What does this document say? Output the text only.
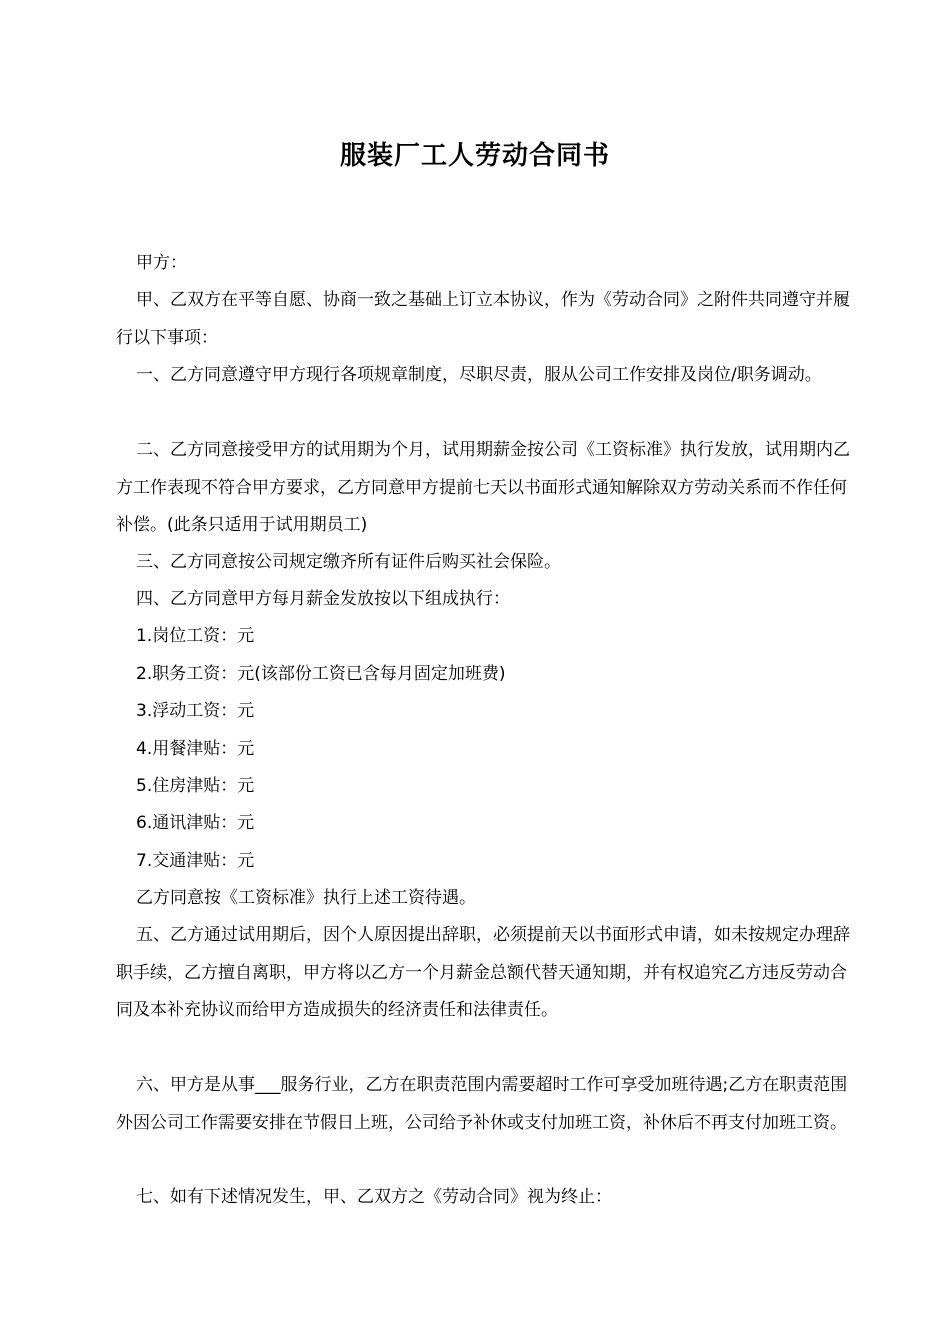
服装厂工人劳动合同书
甲方：
甲、乙双方在平等自愿、协商一致之基础上订立本协议，作为《劳动合同》之附件共同遵守并履行以下事项：
一、乙方同意遵守甲方现行各项规章制度，尽职尽责，服从公司工作安排及岗位/职务调动。
二、乙方同意接受甲方的试用期为个月，试用期薪金按公司《工资标准》执行发放，试用期内乙方工作表现不符合甲方要求，乙方同意甲方提前七天以书面形式通知解除双方劳动关系而不作任何补偿。(此条只适用于试用期员工)
三、乙方同意按公司规定缴齐所有证件后购买社会保险。
四、乙方同意甲方每月薪金发放按以下组成执行：
1.岗位工资：元
2.职务工资：元(该部份工资已含每月固定加班费)
3.浮动工资：元
4.用餐津贴：元
5.住房津贴：元
6.通讯津贴：元
7.交通津贴：元
乙方同意按《工资标准》执行上述工资待遇。
五、乙方通过试用期后，因个人原因提出辞职，必须提前天以书面形式申请，如未按规定办理辞职手续，乙方擅自离职，甲方将以乙方一个月薪金总额代替天通知期，并有权追究乙方违反劳动合同及本补充协议而给甲方造成损失的经济责任和法律责任。
六、甲方是从事___服务行业，乙方在职责范围内需要超时工作可享受加班待遇;乙方在职责范围外因公司工作需要安排在节假日上班，公司给予补休或支付加班工资，补休后不再支付加班工资。
七、如有下述情况发生，甲、乙双方之《劳动合同》视为终止：
